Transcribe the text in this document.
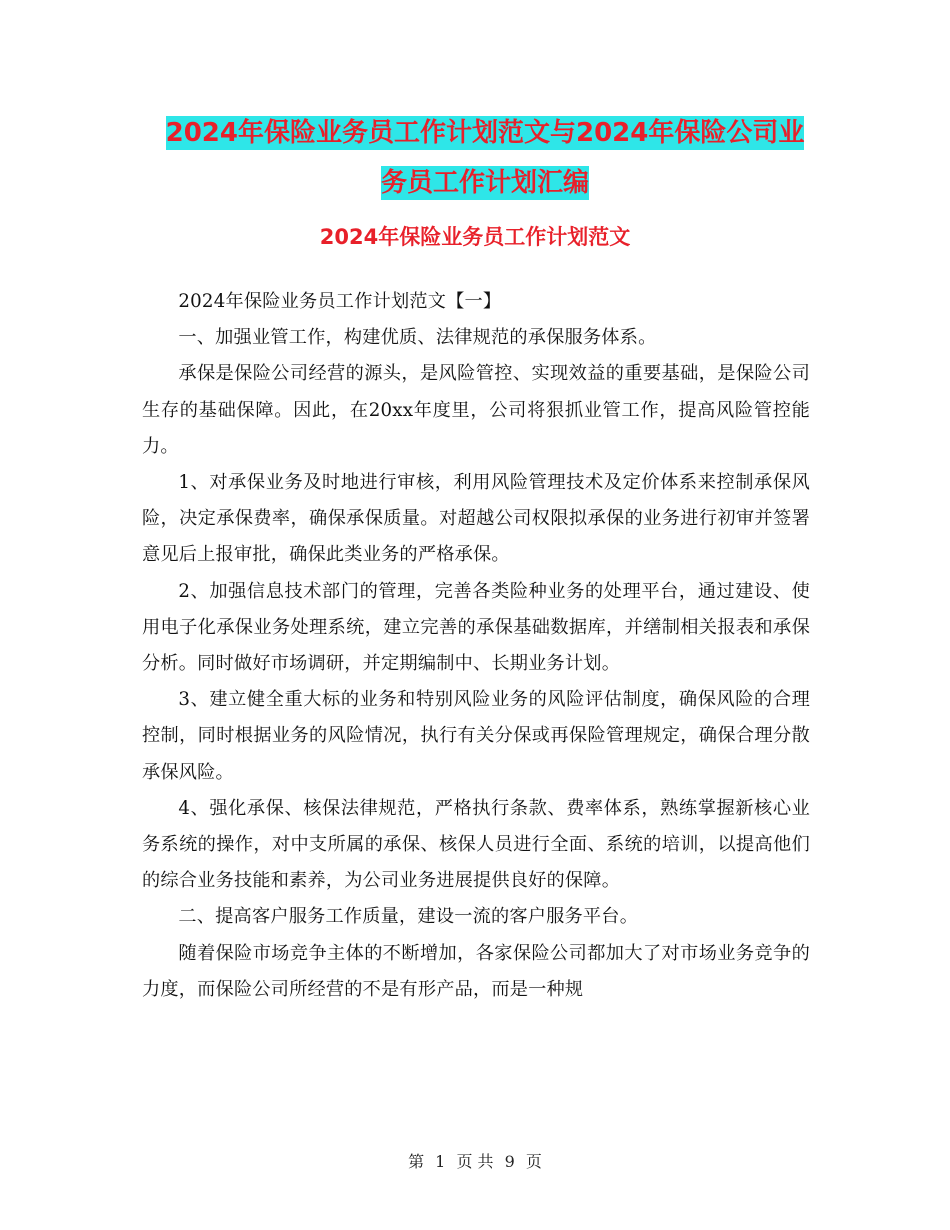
2024年保险业务员工作计划范文与2024年保险公司业
务员工作计划汇编
2024年保险业务员工作计划范文

2024年保险业务员工作计划范文【一】

一、加强业管工作，构建优质、法律规范的承保服务体系。

承保是保险公司经营的源头，是风险管控、实现效益的重要基础，是保险公司生存的基础保障。因此，在20xx年度里，公司将狠抓业管工作，提高风险管控能力。

1、对承保业务及时地进行审核，利用风险管理技术及定价体系来控制承保风险，决定承保费率，确保承保质量。对超越公司权限拟承保的业务进行初审并签署意见后上报审批，确保此类业务的严格承保。

2、加强信息技术部门的管理，完善各类险种业务的处理平台，通过建设、使用电子化承保业务处理系统，建立完善的承保基础数据库，并缮制相关报表和承保分析。同时做好市场调研，并定期编制中、长期业务计划。

3、建立健全重大标的业务和特别风险业务的风险评估制度，确保风险的合理控制，同时根据业务的风险情况，执行有关分保或再保险管理规定，确保合理分散承保风险。

4、强化承保、核保法律规范，严格执行条款、费率体系，熟练掌握新核心业务系统的操作，对中支所属的承保、核保人员进行全面、系统的培训，以提高他们的综合业务技能和素养，为公司业务进展提供良好的保障。

二、提高客户服务工作质量，建设一流的客户服务平台。

随着保险市场竞争主体的不断增加，各家保险公司都加大了对市场业务竞争的力度，而保险公司所经营的不是有形产品，而是一种规

第 1 页 共 9 页
